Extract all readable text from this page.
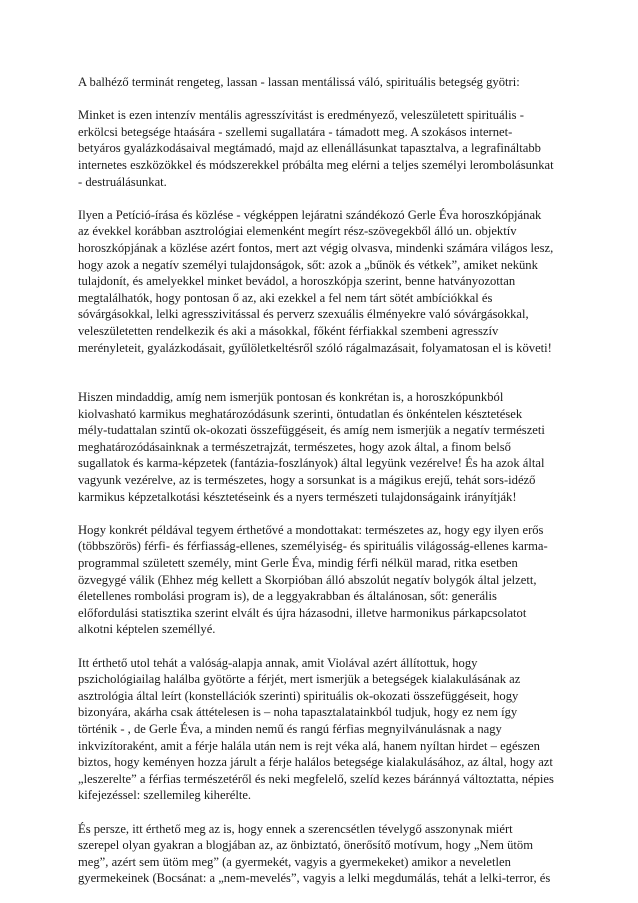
A balhéző terminát rengeteg, lassan - lassan mentálissá váló, spirituális betegség gyötri:

Minket is ezen intenzív mentális agresszívitást is eredményező, veleszületett spirituális -
erkölcsi betegsége htaására - szellemi sugallatára - támadott meg. A szokásos internet-
betyáros gyalázkodásaival megtámadó, majd az ellenállásunkat tapasztalva, a legrafináltabb
internetes eszközökkel és módszerekkel próbálta meg elérni a teljes személyi lerombolásunkat
- destruálásunkat.

Ilyen a Petíció-írása és közlése - végképpen lejáratni szándékozó Gerle Éva horoszkópjának
az évekkel korábban asztrológiai elemenként megírt rész-szövegekből álló un. objektív
horoszkópjának a közlése azért fontos, mert azt végig olvasva, mindenki számára világos lesz,
hogy azok a negatív személyi tulajdonságok, sőt: azok a „bűnök és vétkek”, amiket nekünk
tulajdonít, és amelyekkel minket bevádol, a horoszkópja szerint, benne hatványozottan
megtalálhatók, hogy pontosan ő az, aki ezekkel a fel nem tárt sötét ambíciókkal és
sóvárgásokkal, lelki agresszivitással és perverz szexuális élményekre való sóvárgásokkal,
veleszületetten rendelkezik és aki a másokkal, főként férfiakkal szembeni agresszív
merényleteit, gyalázkodásait, gyűlöletkeltésről szóló rágalmazásait, folyamatosan el is követi!

Hiszen mindaddig, amíg nem ismerjük pontosan és konkrétan is, a horoszkópunkból
kiolvasható karmikus meghatározódásunk szerinti, öntudatlan és önkéntelen késztetések
mély-tudattalan szintű ok-okozati összefüggéseit, és amíg nem ismerjük a negatív természeti
meghatározódásainknak a természetrajzát, természetes, hogy azok által, a finom belső
sugallatok és karma-képzetek (fantázia-foszlányok) által legyünk vezérelve! És ha azok által
vagyunk vezérelve, az is természetes, hogy a sorsunkat is a mágikus erejű, tehát sors-idéző
karmikus képzetalkotási késztetéseink és a nyers természeti tulajdonságaink irányítják!

Hogy konkrét példával tegyem érthetővé a mondottakat: természetes az, hogy egy ilyen erős
(többszörös) férfi- és férfiasság-ellenes, személyiség- és spirituális világosság-ellenes karma-
programmal született személy, mint Gerle Éva, mindig férfi nélkül marad, ritka esetben
özvegygé válik (Ehhez még kellett a Skorpióban álló abszolút negatív bolygók által jelzett,
életellenes rombolási program is), de a leggyakrabban és általánosan, sőt: generális
előfordulási statisztika szerint elvált és újra házasodni, illetve harmonikus párkapcsolatot
alkotni képtelen személlyé.

Itt érthető utol tehát a valóság-alapja annak, amit Violával azért állítottuk, hogy
pszichológiailag halálba gyötörte a férjét, mert ismerjük a betegségek kialakulásának az
asztrológia által leírt (konstellációk szerinti) spirituális ok-okozati összefüggéseit, hogy
bizonyára, akárha csak áttételesen is – noha tapasztalatainkból tudjuk, hogy ez nem így
történik - , de Gerle Éva, a minden nemű és rangú férfias megnyilvánulásnak a nagy
inkvizítoraként, amit a férje halála után nem is rejt véka alá, hanem nyíltan hirdet – egészen
biztos, hogy keményen hozza járult a férje halálos betegsége kialakulásához, az által, hogy azt
„leszerelte” a férfias természetéről és neki megfelelő, szelíd kezes báránnyá változtatta, népies
kifejezéssel: szellemileg kiherélte.

És persze, itt érthető meg az is, hogy ennek a szerencsétlen tévelygő asszonynak miért
szerepel olyan gyakran a blogjában az, az önbiztató, önerősítő motívum, hogy „Nem ütöm
meg”, azért sem ütöm meg” (a gyermekét, vagyis a gyermekeket) amikor a neveletlen
gyermekeinek (Bocsánat: a „nem-mevelés”, vagyis a lelki megdumálás, tehát a lelki-terror, és
